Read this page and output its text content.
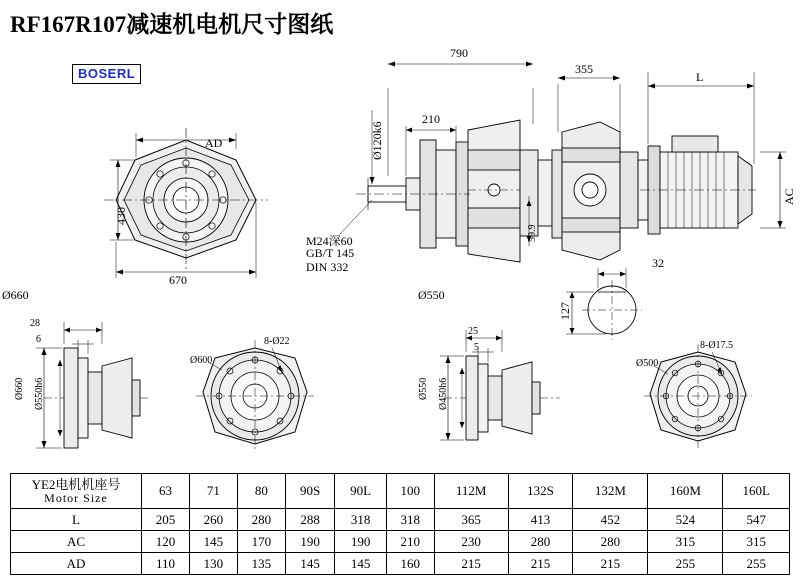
RF167R107减速机电机尺寸图纸
BOSERL
AD
430
670
790
355
L
210
Ø120k6
59.9
AC
M24深60
GB/T 145
DIN 332
Ø660	Ø550
32
127
28
6
Ø660 Ø550h6
8-Ø22
Ø600
25
5
Ø550 Ø450h6
8-Ø17.5
Ø500
YE2电机机座号
Motor Size	63	71	80	90S	90L	100	112M	132S	132M	160M	160L
L	205	260	280	288	318	318	365	413	452	524	547
AC	120	145	170	190	190	210	230	280	280	315	315
AD	110	130	135	145	145	160	215	215	215	255	255
